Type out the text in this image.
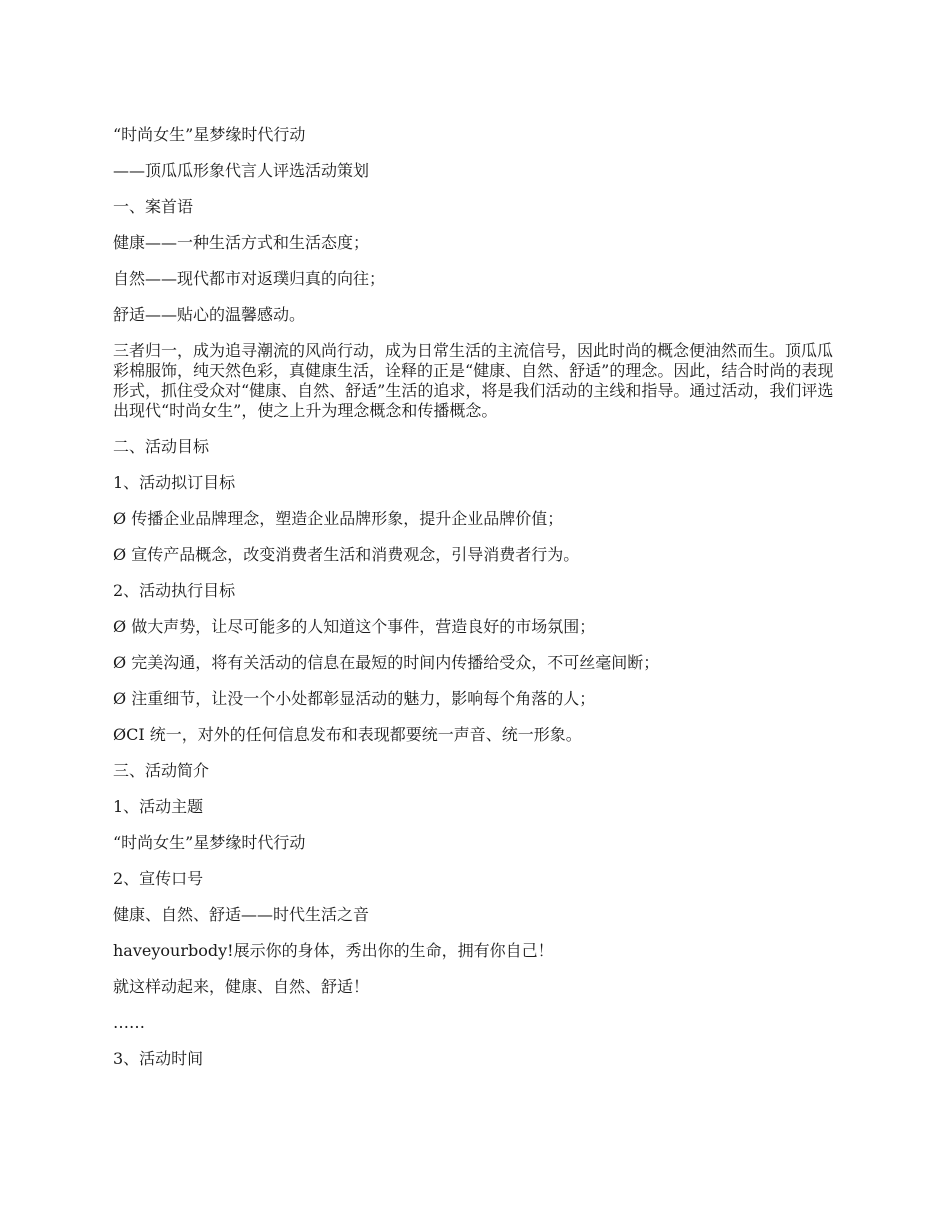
“时尚女生”星梦缘时代行动

——顶瓜瓜形象代言人评选活动策划

一、案首语

健康——一种生活方式和生活态度；

自然——现代都市对返璞归真的向往；

舒适——贴心的温馨感动。

三者归一，成为追寻潮流的风尚行动，成为日常生活的主流信号，因此时尚的概念便油然而生。顶瓜瓜彩棉服饰，纯天然色彩，真健康生活，诠释的正是“健康、自然、舒适”的理念。因此，结合时尚的表现形式，抓住受众对“健康、自然、舒适”生活的追求，将是我们活动的主线和指导。通过活动，我们评选出现代“时尚女生”，使之上升为理念概念和传播概念。

二、活动目标

1、活动拟订目标

Ø 传播企业品牌理念，塑造企业品牌形象，提升企业品牌价值；

Ø 宣传产品概念，改变消费者生活和消费观念，引导消费者行为。

2、活动执行目标

Ø 做大声势，让尽可能多的人知道这个事件，营造良好的市场氛围；

Ø 完美沟通，将有关活动的信息在最短的时间内传播给受众，不可丝毫间断；

Ø 注重细节，让没一个小处都彰显活动的魅力，影响每个角落的人；

ØCI 统一，对外的任何信息发布和表现都要统一声音、统一形象。

三、活动简介

1、活动主题

“时尚女生”星梦缘时代行动

2、宣传口号

健康、自然、舒适——时代生活之音

haveyourbody!展示你的身体，秀出你的生命，拥有你自己！

就这样动起来，健康、自然、舒适！

……

3、活动时间
